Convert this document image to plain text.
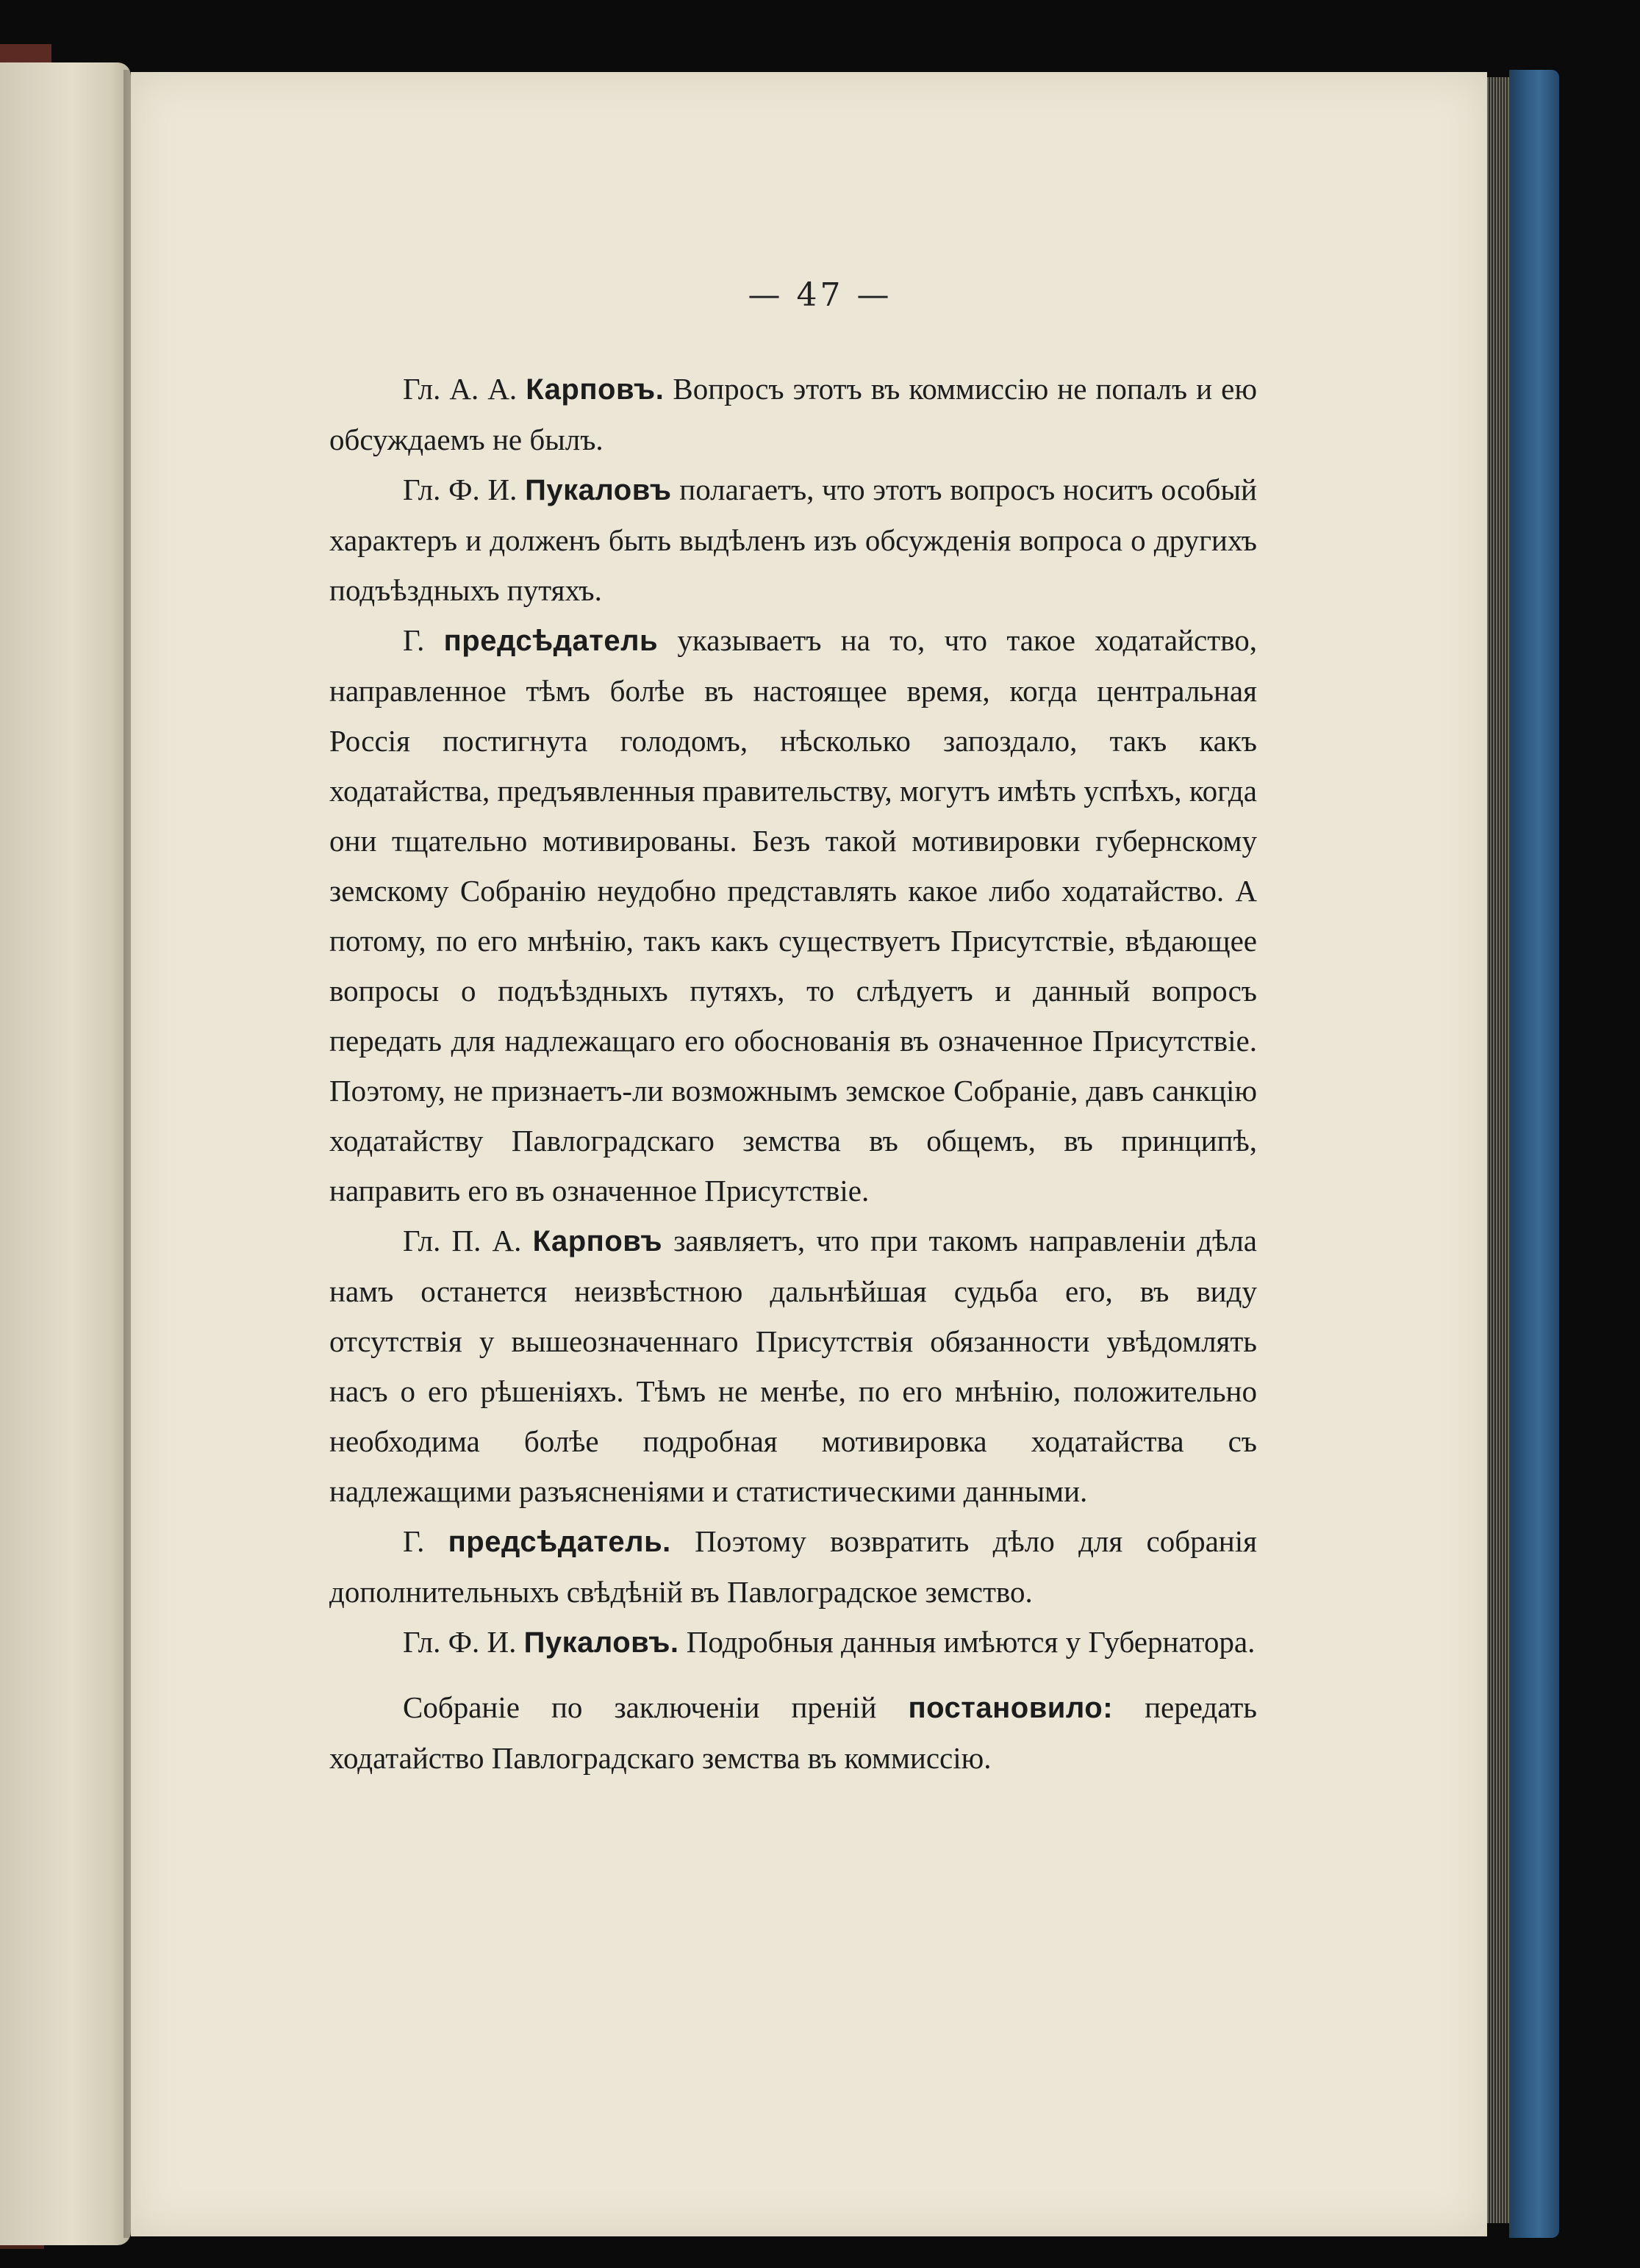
— 47 —

Гл. А. А. Карповъ. Вопросъ этотъ въ коммиссію не попалъ и ею обсуждаемъ не былъ.

Гл. Ф. И. Пукаловъ полагаетъ, что этотъ вопросъ носитъ особый характеръ и долженъ быть выдѣленъ изъ обсужденія вопроса о другихъ подъѣздныхъ путяхъ.

Г. предсѣдатель указываетъ на то, что такое ходатайство, направленное тѣмъ болѣе въ настоящее время, когда центральная Россія постигнута голодомъ, нѣсколько запоздало, такъ какъ ходатайства, предъявленныя правительству, могутъ имѣть успѣхъ, когда они тщательно мотивированы. Безъ такой мотивировки губернскому земскому Собранію неудобно представлять какое либо ходатайство. А потому, по его мнѣнію, такъ какъ существуетъ Присутствіе, вѣдающее вопросы о подъѣздныхъ путяхъ, то слѣдуетъ и данный вопросъ передать для надлежащаго его обоснованія въ означенное Присутствіе. Поэтому, не признаетъ-ли возможнымъ земское Собраніе, давъ санкцію ходатайству Павлоградскаго земства въ общемъ, въ принципѣ, направить его въ означенное Присутствіе.

Гл. П. А. Карповъ заявляетъ, что при такомъ направленіи дѣла намъ останется неизвѣстною дальнѣйшая судьба его, въ виду отсутствія у вышеозначеннаго Присутствія обязанности увѣдомлять насъ о его рѣшеніяхъ. Тѣмъ не менѣе, по его мнѣнію, положительно необходима болѣе подробная мотивировка ходатайства съ надлежащими разъясненіями и статистическими данными.

Г. предсѣдатель. Поэтому возвратить дѣло для собранія дополнительныхъ свѣдѣній въ Павлоградское земство.

Гл. Ф. И. Пукаловъ. Подробныя данныя имѣются у Губернатора.

Собраніе по заключеніи преній постановило: передать ходатайство Павлоградскаго земства въ коммиссію.
